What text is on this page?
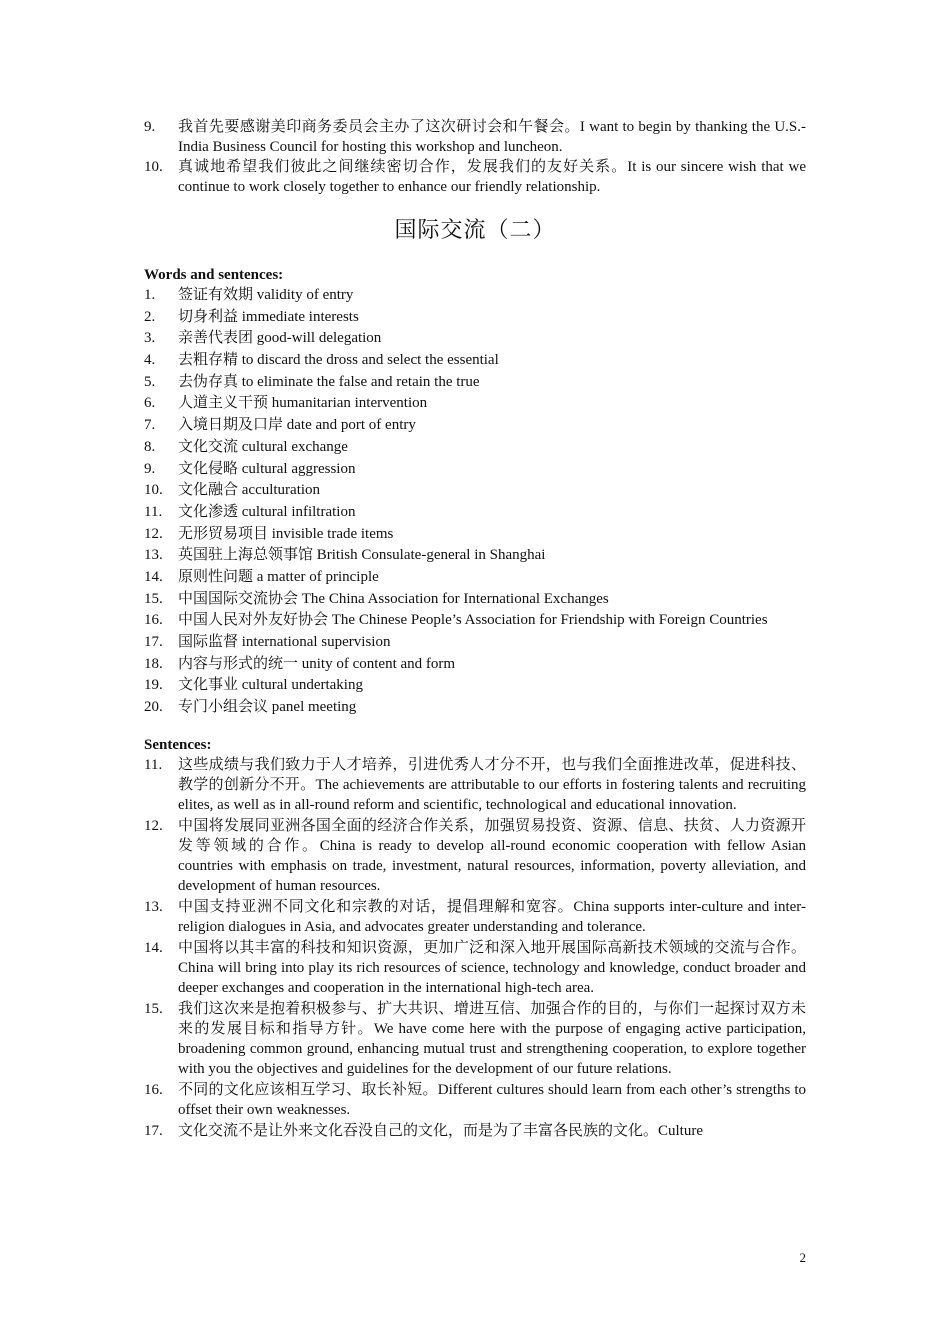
9.	我首先要感谢美印商务委员会主办了这次研讨会和午餐会。I want to begin by thanking the U.S.-India Business Council for hosting this workshop and luncheon.
10.	真诚地希望我们彼此之间继续密切合作，发展我们的友好关系。It is our sincere wish that we continue to work closely together to enhance our friendly relationship.
国际交流（二）
Words and sentences:
1.	签证有效期 validity of entry
2.	切身利益 immediate interests
3.	亲善代表团 good-will delegation
4.	去粗存精 to discard the dross and select the essential
5.	去伪存真 to eliminate the false and retain the true
6.	人道主义干预 humanitarian intervention
7.	入境日期及口岸 date and port of entry
8.	文化交流 cultural exchange
9.	文化侵略 cultural aggression
10.	文化融合 acculturation
11.	文化渗透 cultural infiltration
12.	无形贸易项目 invisible trade items
13.	英国驻上海总领事馆 British Consulate-general in Shanghai
14.	原则性问题 a matter of principle
15.	中国国际交流协会 The China Association for International Exchanges
16.	中国人民对外友好协会 The Chinese People’s Association for Friendship with Foreign Countries
17.	国际监督 international supervision
18.	内容与形式的统一 unity of content and form
19.	文化事业 cultural undertaking
20.	专门小组会议 panel meeting
Sentences:
11.	这些成绩与我们致力于人才培养，引进优秀人才分不开，也与我们全面推进改革，促进科技、教学的创新分不开。The achievements are attributable to our efforts in fostering talents and recruiting elites, as well as in all-round reform and scientific, technological and educational innovation.
12.	中国将发展同亚洲各国全面的经济合作关系，加强贸易投资、资源、信息、扶贫、人力资源开发等领域的合作。China is ready to develop all-round economic cooperation with fellow Asian countries with emphasis on trade, investment, natural resources, information, poverty alleviation, and development of human resources.
13.	中国支持亚洲不同文化和宗教的对话，提倡理解和宽容。China supports inter-culture and inter-religion dialogues in Asia, and advocates greater understanding and tolerance.
14.	中国将以其丰富的科技和知识资源，更加广泛和深入地开展国际高新技术领域的交流与合作。China will bring into play its rich resources of science, technology and knowledge, conduct broader and deeper exchanges and cooperation in the international high-tech area.
15.	我们这次来是抱着积极参与、扩大共识、增进互信、加强合作的目的，与你们一起探讨双方未来的发展目标和指导方针。We have come here with the purpose of engaging active participation, broadening common ground, enhancing mutual trust and strengthening cooperation, to explore together with you the objectives and guidelines for the development of our future relations.
16.	不同的文化应该相互学习、取长补短。Different cultures should learn from each other’s strengths to offset their own weaknesses.
17.	文化交流不是让外来文化吞没自己的文化，而是为了丰富各民族的文化。Culture
2
